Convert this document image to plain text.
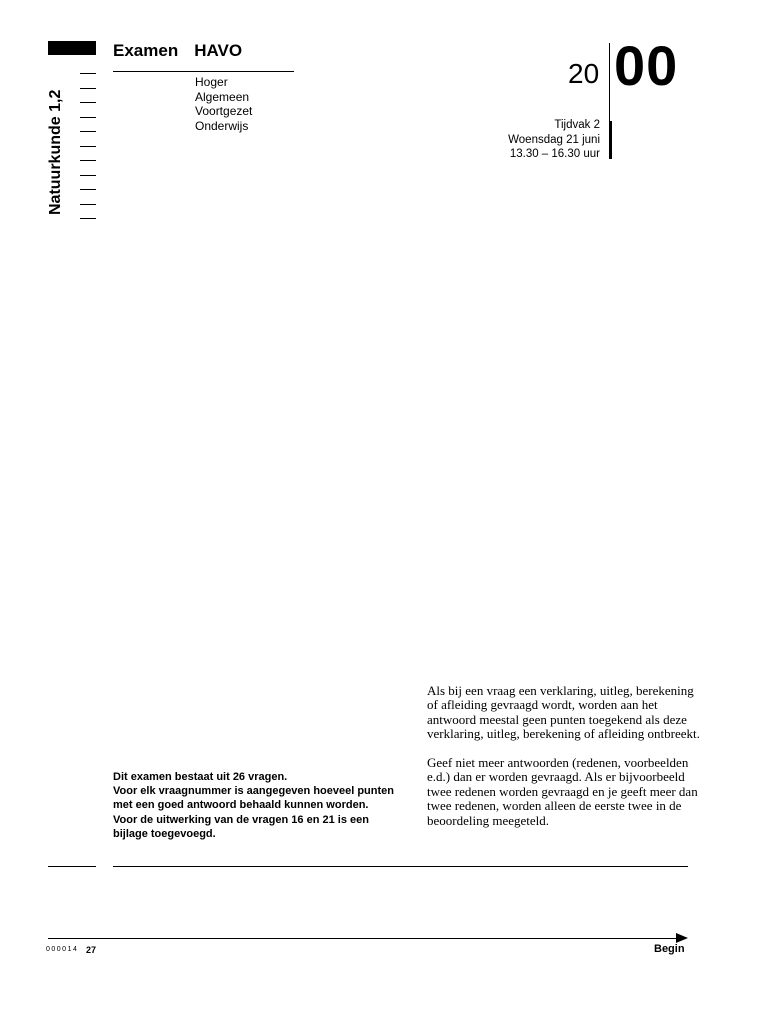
Natuurkunde 1,2
Examen HAVO
Hoger
Algemeen
Voortgezet
Onderwijs
20 00
Tijdvak 2
Woensdag 21 juni
13.30 – 16.30 uur

Als bij een vraag een verklaring, uitleg, berekening of afleiding gevraagd wordt, worden aan het antwoord meestal geen punten toegekend als deze verklaring, uitleg, berekening of afleiding ontbreekt.

Geef niet meer antwoorden (redenen, voorbeelden e.d.) dan er worden gevraagd. Als er bijvoorbeeld twee redenen worden gevraagd en je geeft meer dan twee redenen, worden alleen de eerste twee in de beoordeling meegeteld.

Dit examen bestaat uit 26 vragen.
Voor elk vraagnummer is aangegeven hoeveel punten met een goed antwoord behaald kunnen worden.
Voor de uitwerking van de vragen 16 en 21 is een bijlage toegevoegd.
000014 27	Begin
